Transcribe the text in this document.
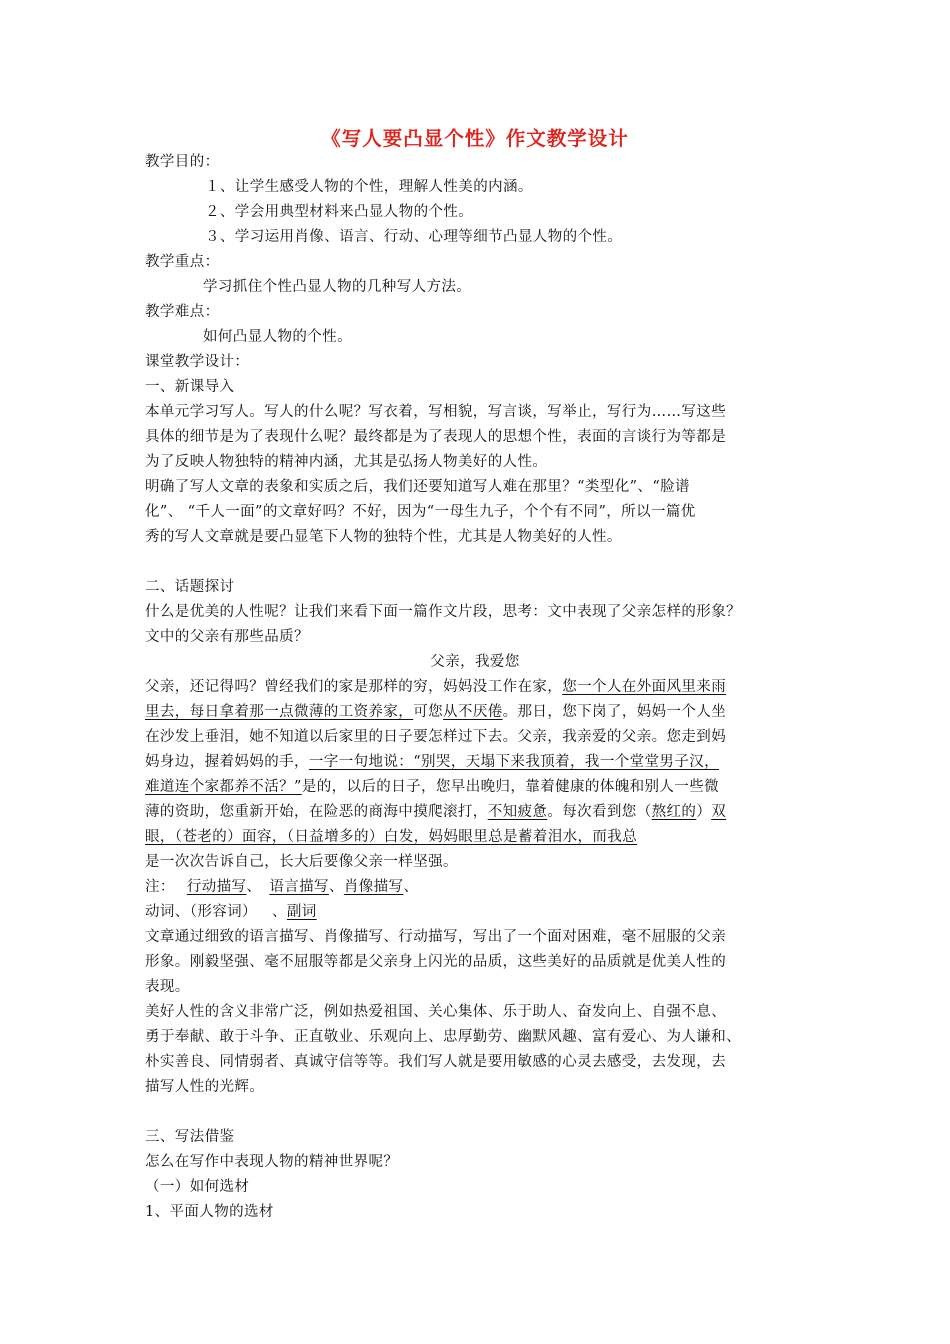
《写人要凸显个性》作文教学设计
教学目的：
１、让学生感受人物的个性，理解人性美的内涵。
２、学会用典型材料来凸显人物的个性。
３、学习运用肖像、语言、行动、心理等细节凸显人物的个性。
教学重点：
学习抓住个性凸显人物的几种写人方法。
教学难点：
如何凸显人物的个性。
课堂教学设计：
一、新课导入
本单元学习写人。写人的什么呢？写衣着，写相貌，写言谈，写举止，写行为……写这些
具体的细节是为了表现什么呢？最终都是为了表现人的思想个性，表面的言谈行为等都是
为了反映人物独特的精神内涵，尤其是弘扬人物美好的人性。
明确了写人文章的表象和实质之后，我们还要知道写人难在那里？“类型化”、“脸谱
化”、 “千人一面”的文章好吗？不好，因为“一母生九子，个个有不同”，所以一篇优
秀的写人文章就是要凸显笔下人物的独特个性，尤其是人物美好的人性。
二、话题探讨
什么是优美的人性呢？让我们来看下面一篇作文片段，思考：文中表现了父亲怎样的形象？
文中的父亲有那些品质？
父亲，我爱您
父亲，还记得吗？曾经我们的家是那样的穷，妈妈没工作在家，您一个人在外面风里来雨
里去，每日拿着那一点微薄的工资养家，可您从不厌倦。那日，您下岗了，妈妈一个人坐
在沙发上垂泪，她不知道以后家里的日子要怎样过下去。父亲，我亲爱的父亲。您走到妈
妈身边，握着妈妈的手，一字一句地说：“别哭，天塌下来我顶着，我一个堂堂男子汉，
难道连个家都养不活？”是的，以后的日子，您早出晚归，靠着健康的体魄和别人一些微
薄的资助，您重新开始，在险恶的商海中摸爬滚打，不知疲惫。每次看到您（熬红的）双
眼，（苍老的）面容，（日益增多的）白发，妈妈眼里总是蓄着泪水，而我总
是一次次告诉自己，长大后要像父亲一样坚强。
注： 行动描写、 语言描写、肖像描写、
动词、（形容词）   、副词
文章通过细致的语言描写、肖像描写、行动描写，写出了一个面对困难，毫不屈服的父亲
形象。刚毅坚强、毫不屈服等都是父亲身上闪光的品质，这些美好的品质就是优美人性的
表现。
美好人性的含义非常广泛，例如热爱祖国、关心集体、乐于助人、奋发向上、自强不息、
勇于奉献、敢于斗争、正直敬业、乐观向上、忠厚勤劳、幽默风趣、富有爱心、为人谦和、
朴实善良、同情弱者、真诚守信等等。我们写人就是要用敏感的心灵去感受，去发现，去
描写人性的光辉。
三、写法借鉴
怎么在写作中表现人物的精神世界呢？
（一）如何选材
1、平面人物的选材
